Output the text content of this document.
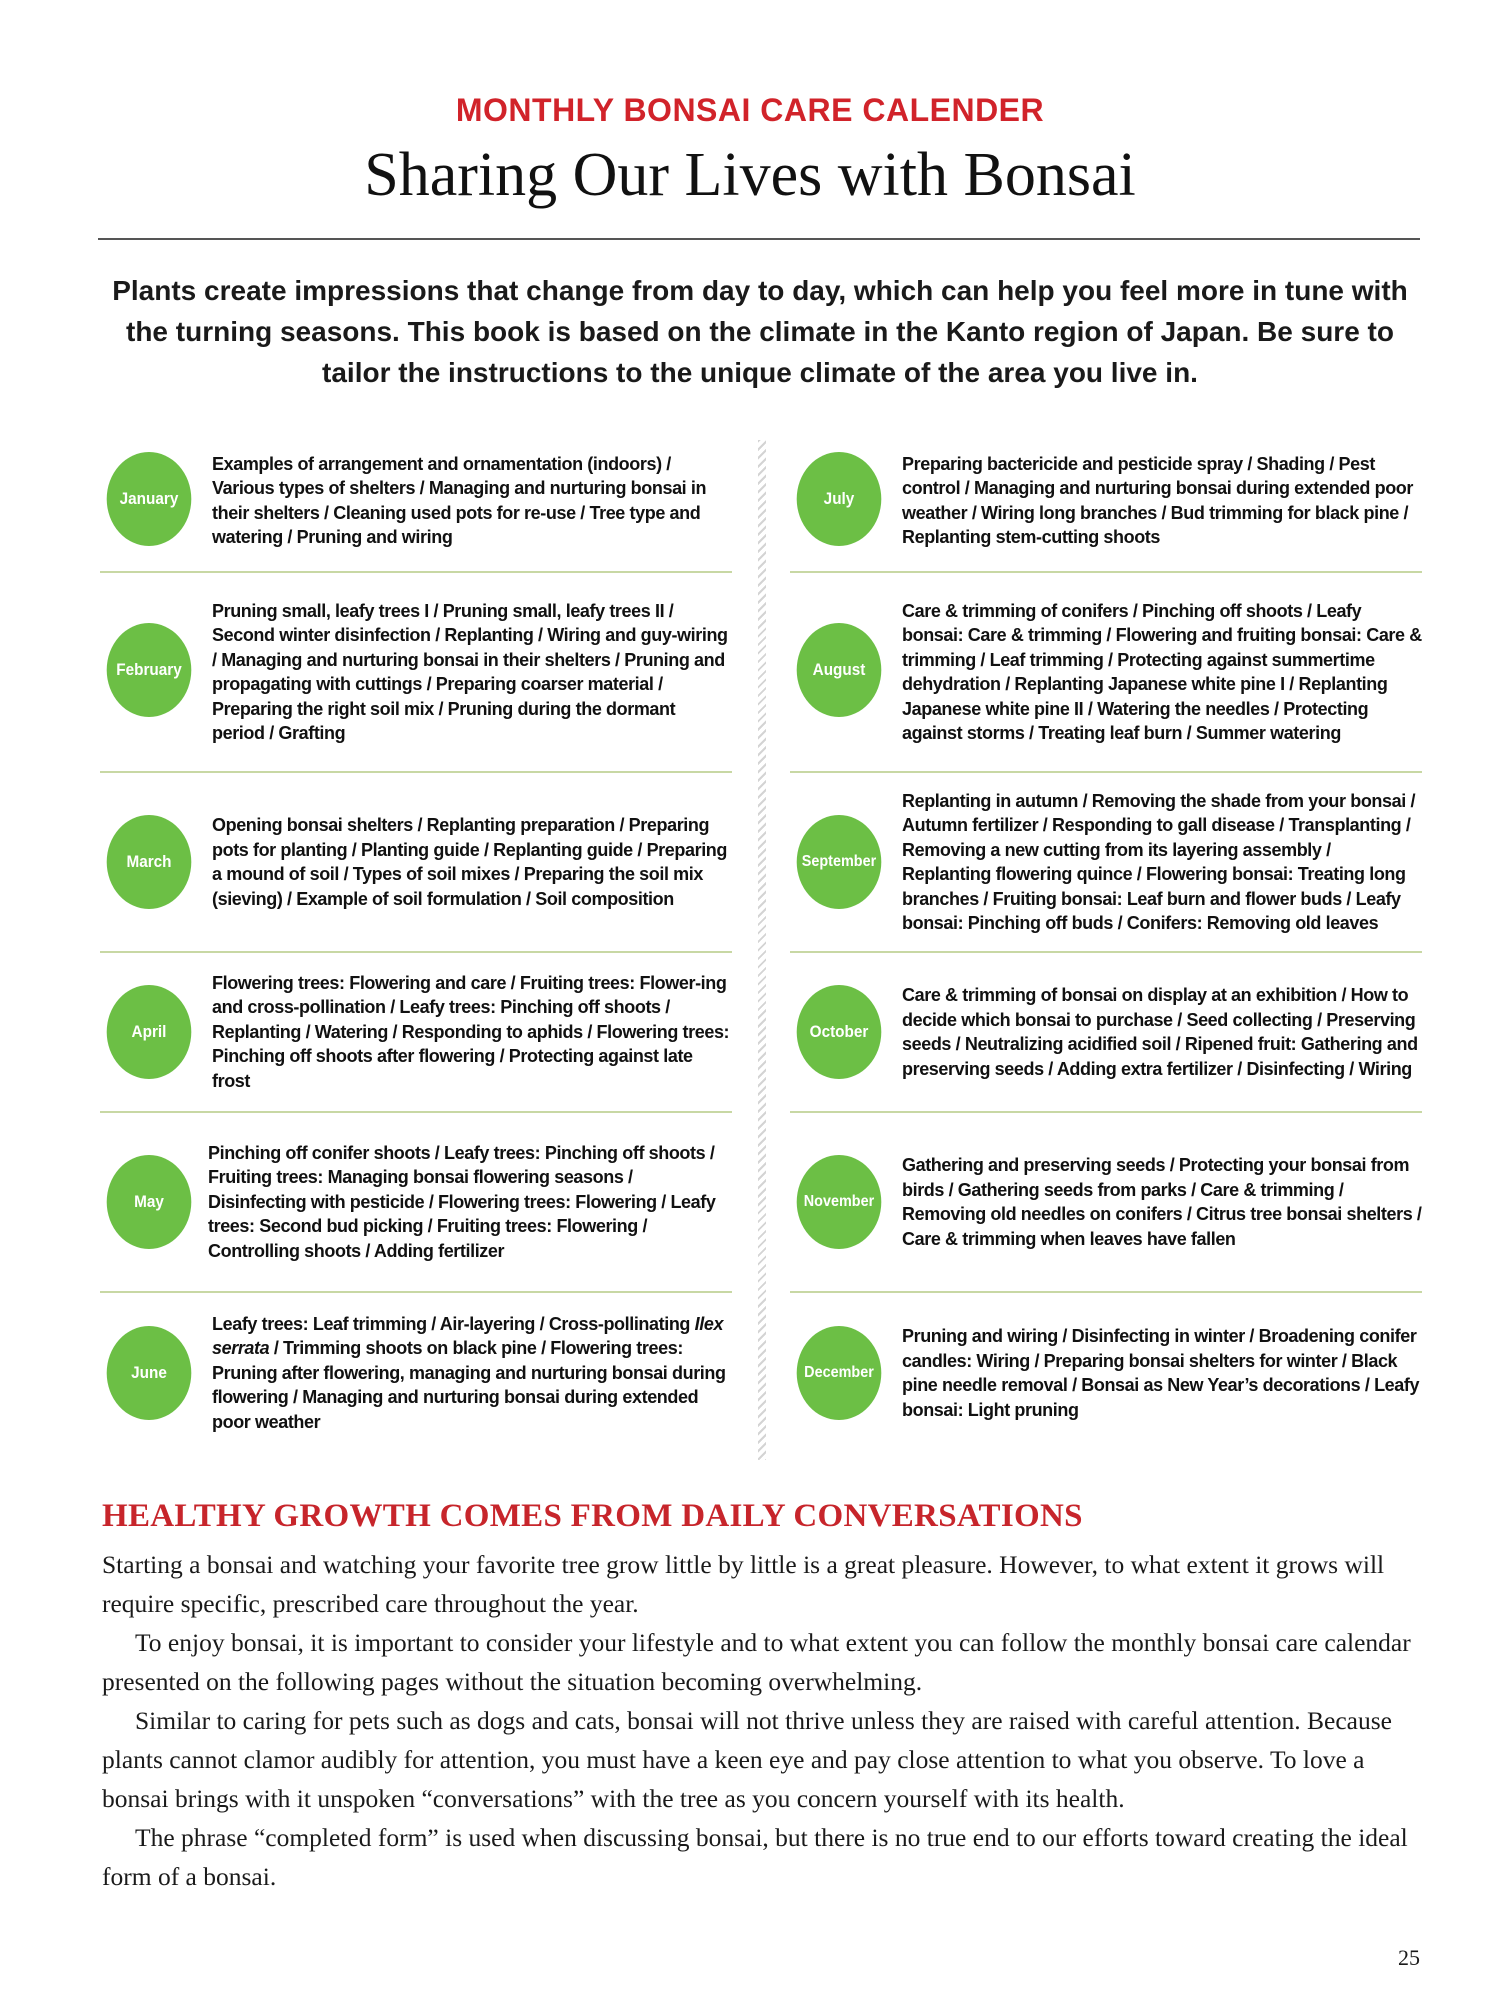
MONTHLY BONSAI CARE CALENDER
Sharing Our Lives with Bonsai
Plants create impressions that change from day to day, which can help you feel more in tune with the turning seasons. This book is based on the climate in the Kanto region of Japan. Be sure to tailor the instructions to the unique climate of the area you live in.
January
Examples of arrangement and ornamentation (indoors) / Various types of shelters / Managing and nurturing bonsai in their shelters / Cleaning used pots for re-use / Tree type and watering / Pruning and wiring
February
Pruning small, leafy trees I / Pruning small, leafy trees II / Second winter disinfection / Replanting / Wiring and guy-wiring / Managing and nurturing bonsai in their shelters / Pruning and propagating with cuttings / Preparing coarser material / Preparing the right soil mix / Pruning during the dormant period / Grafting
March
Opening bonsai shelters / Replanting preparation / Preparing pots for planting / Planting guide / Replanting guide / Preparing a mound of soil / Types of soil mixes / Preparing the soil mix (sieving) / Example of soil formulation / Soil composition
April
Flowering trees: Flowering and care / Fruiting trees: Flower-ing and cross-pollination / Leafy trees: Pinching off shoots / Replanting / Watering / Responding to aphids / Flowering trees: Pinching off shoots after flowering / Protecting against late frost
May
Pinching off conifer shoots / Leafy trees: Pinching off shoots / Fruiting trees: Managing bonsai flowering seasons / Disinfecting with pesticide / Flowering trees: Flowering / Leafy trees: Second bud picking / Fruiting trees: Flowering / Controlling shoots / Adding fertilizer
June
Leafy trees: Leaf trimming / Air-layering / Cross-pollinating Ilex serrata / Trimming shoots on black pine / Flowering trees: Pruning after flowering, managing and nurturing bonsai during flowering / Managing and nurturing bonsai during extended poor weather
July
Preparing bactericide and pesticide spray / Shading / Pest control / Managing and nurturing bonsai during extended poor weather / Wiring long branches / Bud trimming for black pine / Replanting stem-cutting shoots
August
Care & trimming of conifers / Pinching off shoots / Leafy bonsai: Care & trimming / Flowering and fruiting bonsai: Care & trimming / Leaf trimming / Protecting against summertime dehydration / Replanting Japanese white pine I / Replanting Japanese white pine II / Watering the needles / Protecting against storms / Treating leaf burn / Summer watering
September
Replanting in autumn / Removing the shade from your bonsai / Autumn fertilizer / Responding to gall disease / Transplanting / Removing a new cutting from its layering assembly / Replanting flowering quince / Flowering bonsai: Treating long branches / Fruiting bonsai: Leaf burn and flower buds / Leafy bonsai: Pinching off buds / Conifers: Removing old leaves
October
Care & trimming of bonsai on display at an exhibition / How to decide which bonsai to purchase / Seed collecting / Preserving seeds / Neutralizing acidified soil / Ripened fruit: Gathering and preserving seeds / Adding extra fertilizer / Disinfecting / Wiring
November
Gathering and preserving seeds / Protecting your bonsai from birds / Gathering seeds from parks / Care & trimming / Removing old needles on conifers / Citrus tree bonsai shelters / Care & trimming when leaves have fallen
December
Pruning and wiring / Disinfecting in winter / Broadening conifer candles: Wiring / Preparing bonsai shelters for winter / Black pine needle removal / Bonsai as New Year’s decorations / Leafy bonsai: Light pruning
HEALTHY GROWTH COMES FROM DAILY CONVERSATIONS

Starting a bonsai and watching your favorite tree grow little by little is a great pleasure. However, to what extent it grows will require specific, prescribed care throughout the year.

To enjoy bonsai, it is important to consider your lifestyle and to what extent you can follow the monthly bonsai care calendar presented on the following pages without the situation becoming overwhelming.

Similar to caring for pets such as dogs and cats, bonsai will not thrive unless they are raised with careful attention. Because plants cannot clamor audibly for attention, you must have a keen eye and pay close attention to what you observe. To love a bonsai brings with it unspoken “conversations” with the tree as you concern yourself with its health.

The phrase “completed form” is used when discussing bonsai, but there is no true end to our efforts toward creating the ideal form of a bonsai.

25
